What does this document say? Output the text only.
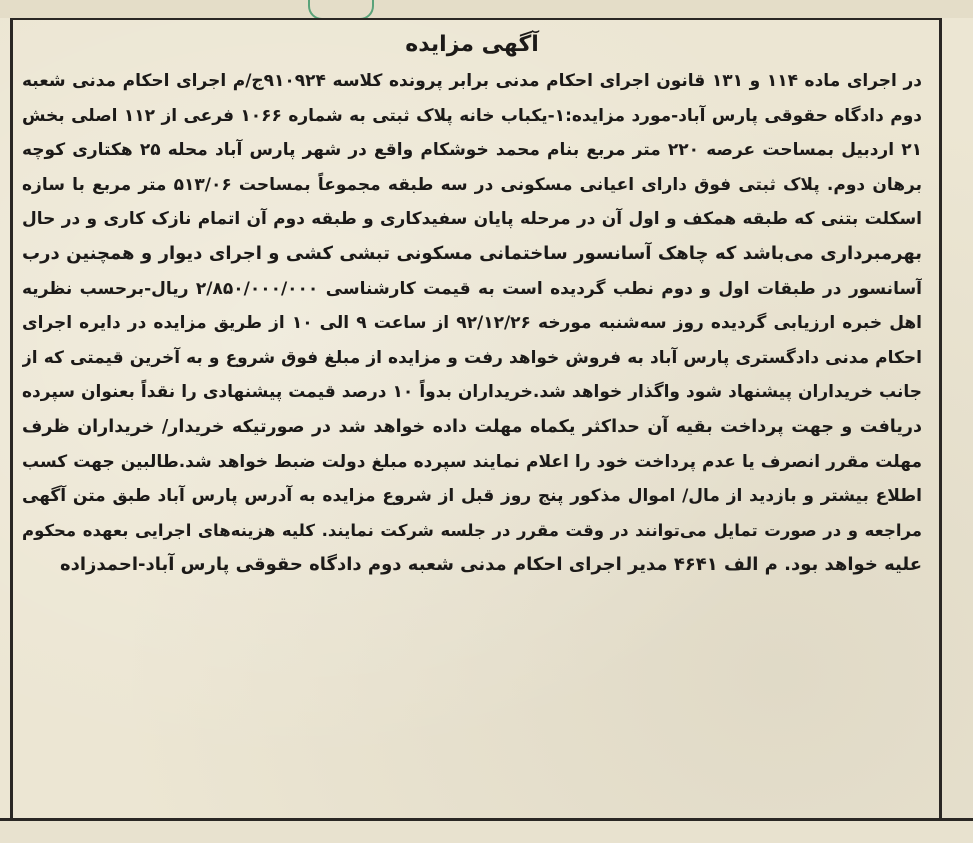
آگهی مزایده
در اجرای ماده ۱۱۴ و ۱۳۱ قانون اجرای احکام مدنی برابر پرونده کلاسه ۹۱۰۹۲۴ج/م اجرای احکام مدنی شعبه
دوم دادگاه حقوقی پارس آباد-مورد مزایده:۱-یکباب خانه پلاک ثبتی به شماره ۱۰۶۶ فرعی از ۱۱۲ اصلی بخش
۲۱ اردبیل بمساحت عرصه ۲۲۰ متر مربع بنام محمد خوشکام واقع در شهر پارس آباد محله ۲۵ هکتاری کوچه
برهان دوم. پلاک ثبتی فوق دارای اعیانی مسکونی در سه طبقه مجموعاً بمساحت ۵۱۳/۰۶ متر مربع با سازه
اسکلت بتنی که طبقه همکف و اول آن در مرحله پایان سفیدکاری و طبقه دوم آن اتمام نازک کاری و در حال
بهرمبرداری می‌باشد که چاهک آسانسور ساختمانی مسکونی تبشی کشی و اجرای دیوار و همچنین درب
آسانسور در طبقات اول و دوم نطب گردیده است به قیمت کارشناسی ۲/۸۵۰/۰۰۰/۰۰۰ ریال-برحسب نظریه
اهل خبره ارزیابی گردیده روز سه‌شنبه مورخه ۹۲/۱۲/۲۶ از ساعت ۹ الی ۱۰ از طریق مزایده در دایره اجرای
احکام مدنی دادگستری پارس آباد به فروش خواهد رفت و مزایده از مبلغ فوق شروع و به آخرین قیمتی که از
جانب خریداران پیشنهاد شود واگذار خواهد شد.خریداران بدواً ۱۰ درصد قیمت پیشنهادی را نقداً بعنوان سپرده
دریافت و جهت پرداخت بقیه آن حداکثر یکماه مهلت داده خواهد شد در صورتیکه خریدار/ خریداران ظرف
مهلت مقرر انصرف یا عدم پرداخت خود را اعلام نمایند سپرده مبلغ دولت ضبط خواهد شد.طالبین جهت کسب
اطلاع بیشتر و بازدید از مال/ اموال مذکور پنج روز قبل از شروع مزایده به آدرس پارس آباد طبق متن آگهی
مراجعه و در صورت تمایل می‌توانند در وقت مقرر در جلسه شرکت نمایند. کلیه هزینه‌های اجرایی بعهده محکوم
علیه خواهد بود. م الف ۴۶۴۱ مدیر اجرای احکام مدنی شعبه دوم دادگاه حقوقی پارس آباد-احمدزاده
